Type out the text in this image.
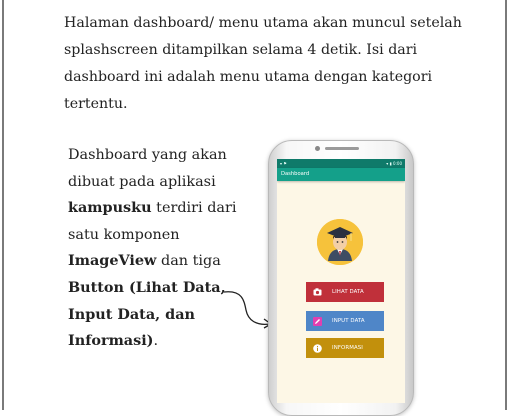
Halaman dashboard/ menu utama akan muncul setelah
splashscreen ditampilkan selama 4 detik. Isi dari
dashboard ini adalah menu utama dengan kategori
tertentu.
Dashboard yang akan
dibuat pada aplikasi
kampusku terdiri dari
satu komponen
ImageView dan tiga
Button (Lihat Data,
Input Data, dan
Informasi).
▾ ⚑	▾ ▮ 0:00
Dashboard
LIHAT DATA
INPUT DATA
INFORMASI
